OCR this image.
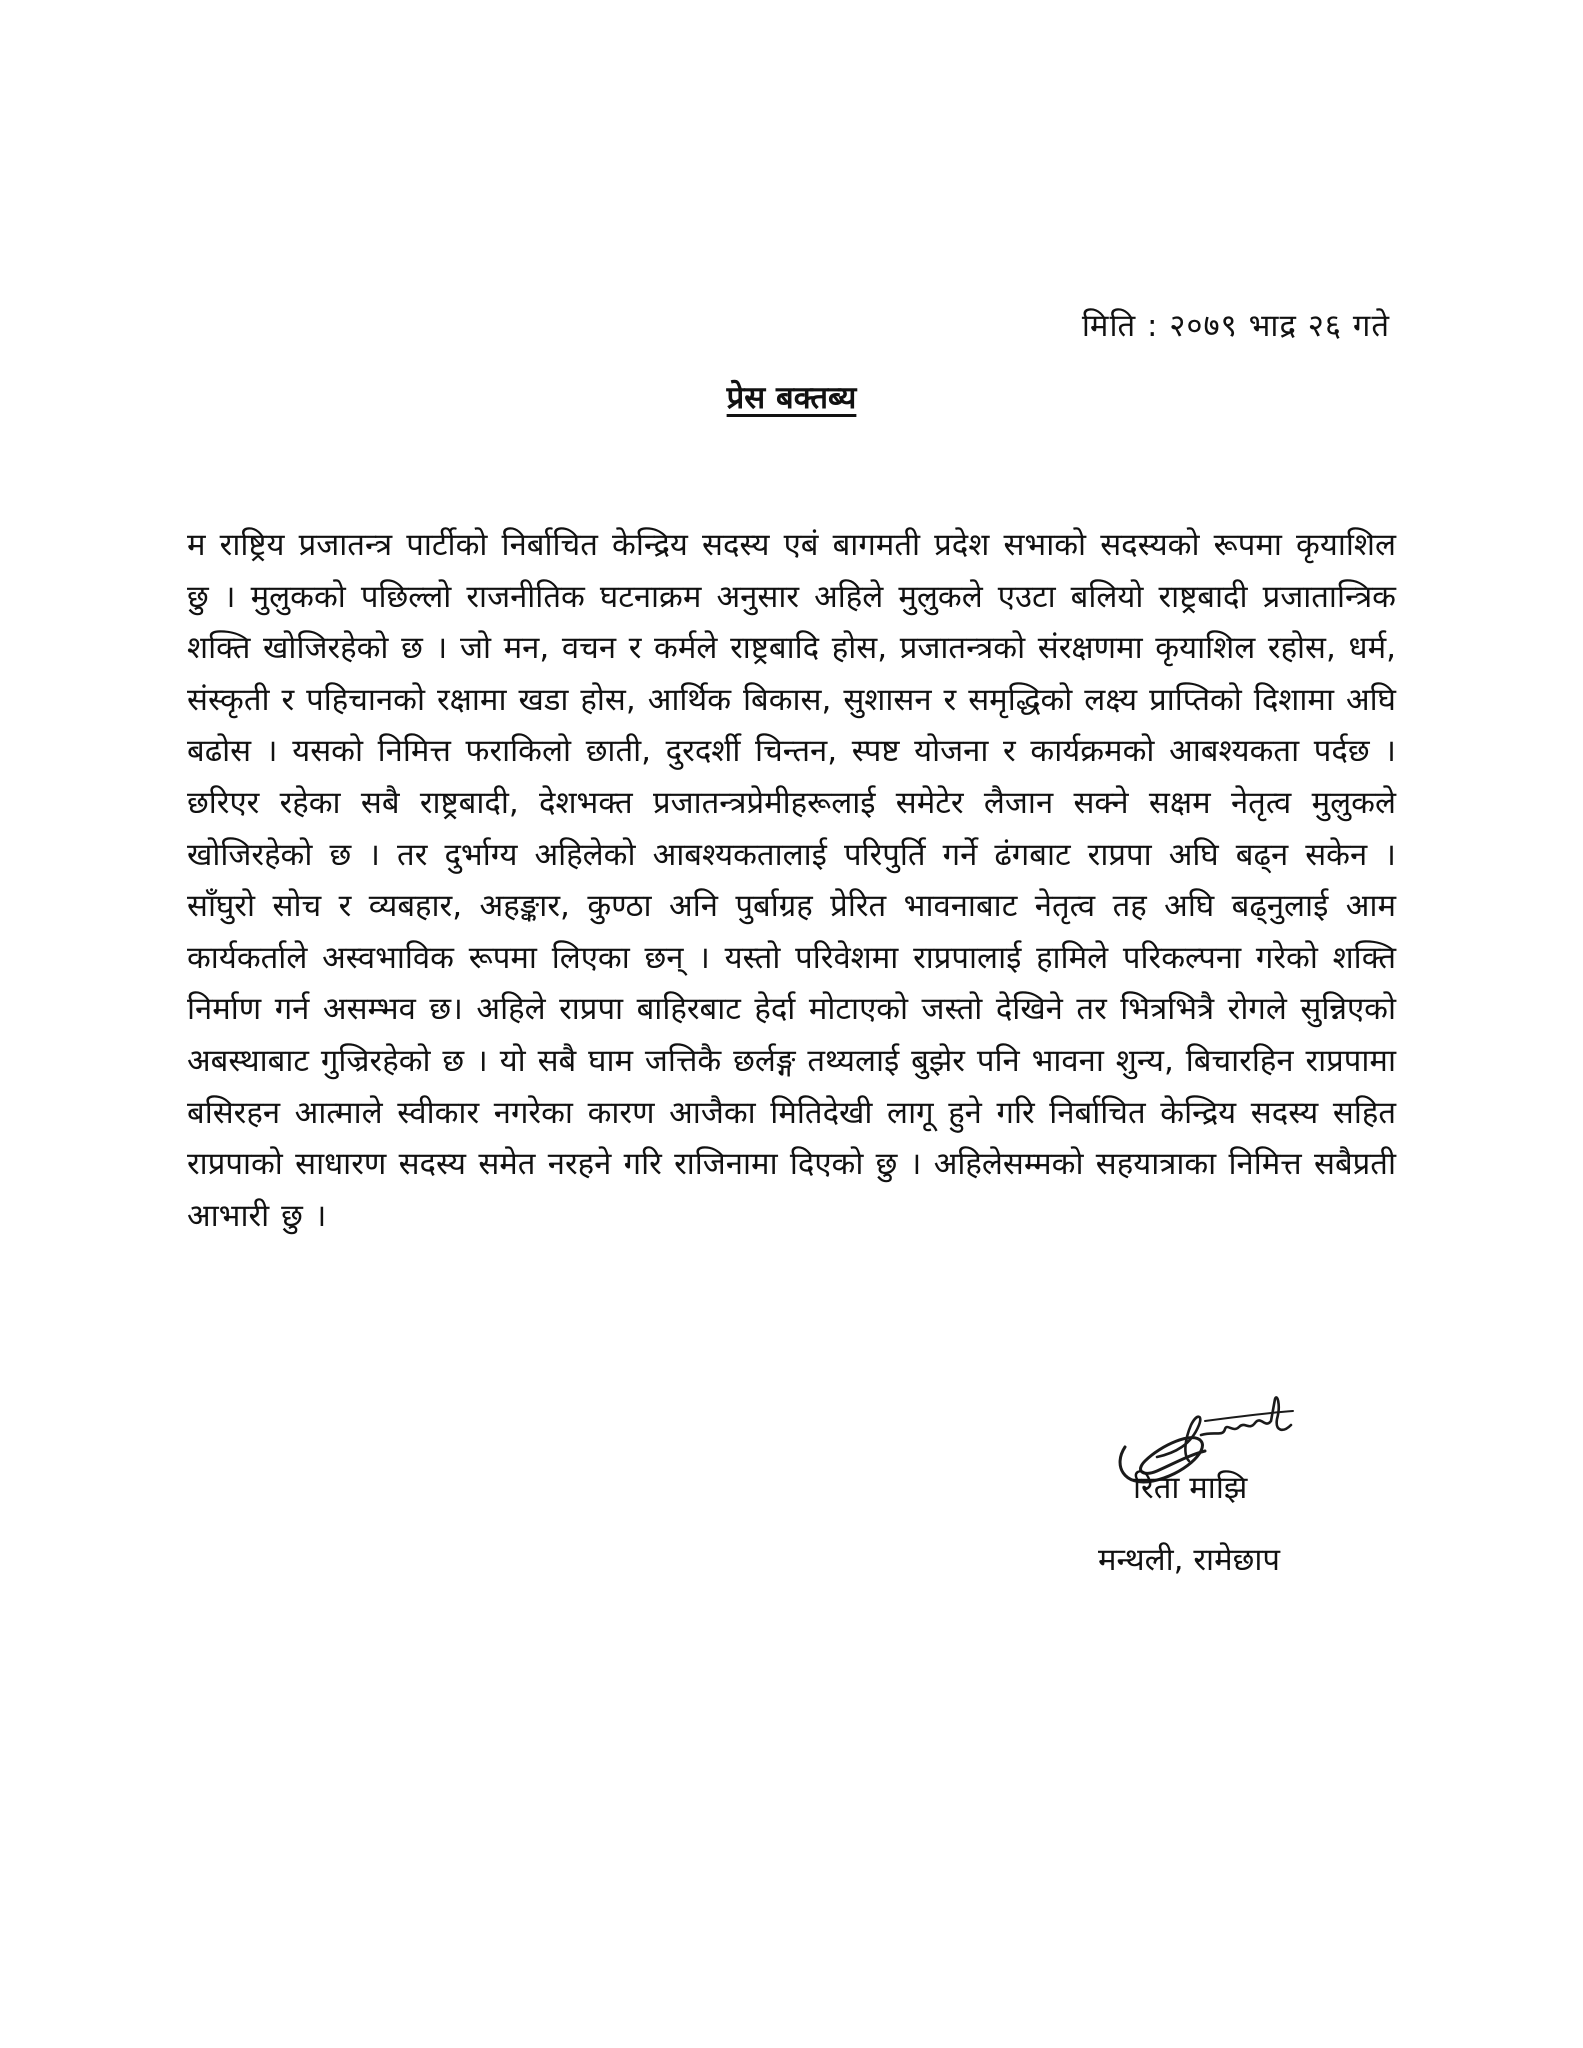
मिति : २०७९ भाद्र २६ गते
प्रेस बक्तब्य
म राष्ट्रिय प्रजातन्त्र पार्टीको निर्बाचित केन्द्रिय सदस्य एबं बागमती प्रदेश सभाको सदस्यको रूपमा कृयाशिल छु । मुलुकको पछिल्लो राजनीतिक घटनाक्रम अनुसार अहिले मुलुकले एउटा बलियो राष्ट्रबादी प्रजातान्त्रिक शक्ति खोजिरहेको छ । जो मन, वचन र कर्मले राष्ट्रबादि होस, प्रजातन्त्रको संरक्षणमा कृयाशिल रहोस, धर्म, संस्कृती र पहिचानको रक्षामा खडा होस, आर्थिक बिकास, सुशासन र समृद्धिको लक्ष्य प्राप्तिको दिशामा अघि बढोस । यसको निमित्त फराकिलो छाती, दुरदर्शी चिन्तन, स्पष्ट योजना र कार्यक्रमको आबश्यकता पर्दछ । छरिएर रहेका सबै राष्ट्रबादी, देशभक्त प्रजातन्त्रप्रेमीहरूलाई समेटेर लैजान सक्ने सक्षम नेतृत्व मुलुकले खोजिरहेको छ । तर दुर्भाग्य अहिलेको आबश्यकतालाई परिपुर्ति गर्ने ढंगबाट राप्रपा अघि बढ्न सकेन । साँघुरो सोच र व्यबहार, अहङ्कार, कुण्ठा अनि पुर्बाग्रह प्रेरित भावनाबाट नेतृत्व तह अघि बढ्नुलाई आम कार्यकर्ताले अस्वभाविक रूपमा लिएका छन् । यस्तो परिवेशमा राप्रपालाई हामिले परिकल्पना गरेको शक्ति निर्माण गर्न असम्भव छ। अहिले राप्रपा बाहिरबाट हेर्दा मोटाएको जस्तो देखिने तर भित्रभित्रै रोगले सुन्निएको अबस्थाबाट गुज्रिरहेको छ । यो सबै घाम जत्तिकै छर्लङ्ग तथ्यलाई बुझेर पनि भावना शुन्य, बिचारहिन राप्रपामा बसिरहन आत्माले स्वीकार नगरेका कारण आजैका मितिदेखी लागू हुने गरि निर्बाचित केन्द्रिय सदस्य सहित राप्रपाको साधारण सदस्य समेत नरहने गरि राजिनामा दिएको छु । अहिलेसम्मको सहयात्राका निमित्त सबैप्रती आभारी छु ।
रिता माझि
मन्थली, रामेछाप
